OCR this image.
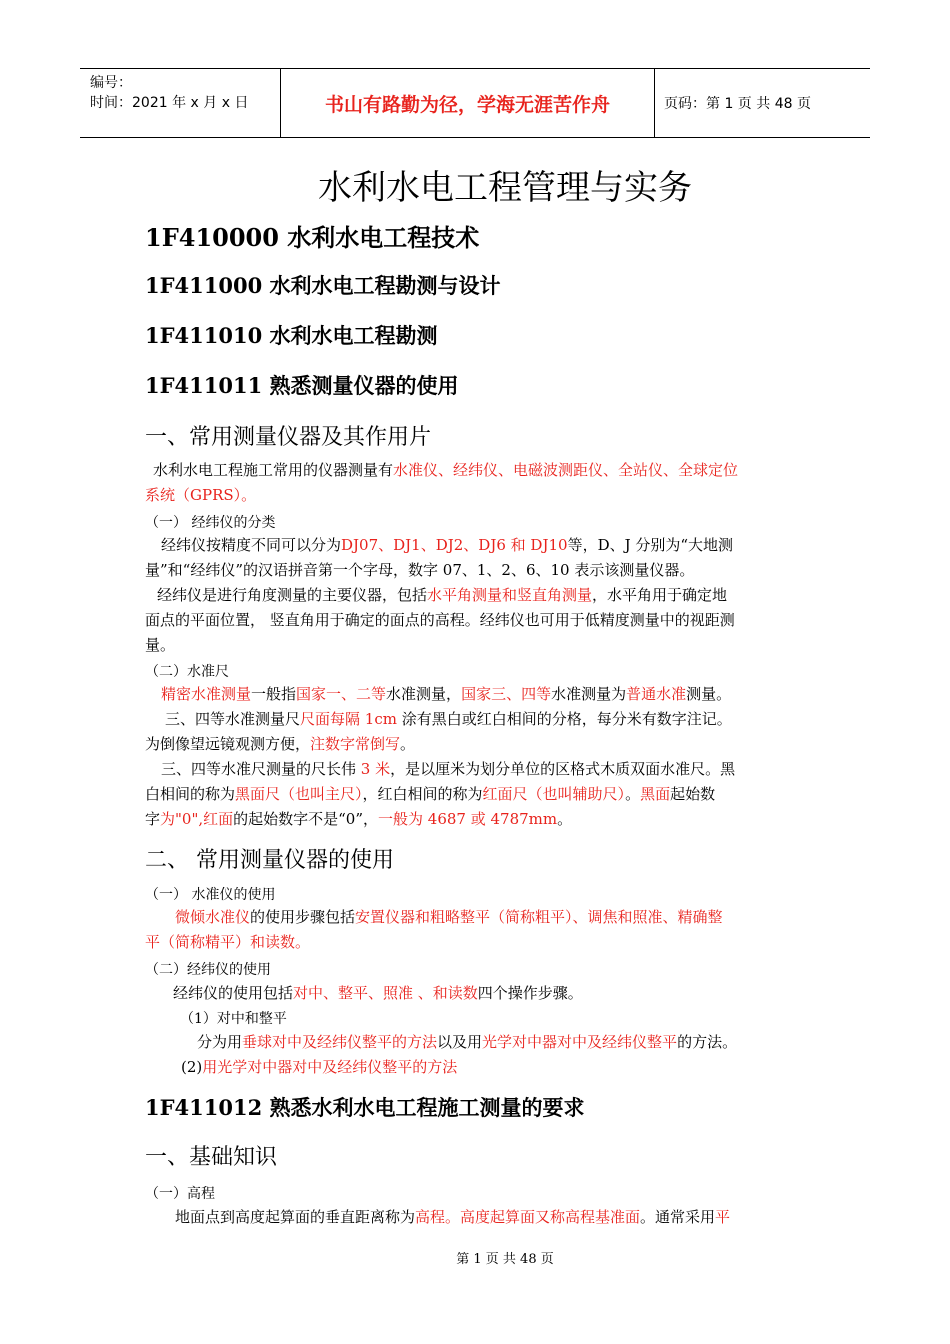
编号：
时间：2021 年 x 月 x 日	书山有路勤为径，学海无涯苦作舟	页码：第 1 页 共 48 页
水利水电工程管理与实务
1F410000 水利水电工程技术
1F411000 水利水电工程勘测与设计
1F411010 水利水电工程勘测
1F411011 熟悉测量仪器的使用
一、常用测量仪器及其作用片
水利水电工程施工常用的仪器测量有水准仪、经纬仪、电磁波测距仪、全站仪、全球定位
系统（GPRS）。
（一） 经纬仪的分类
经纬仪按精度不同可以分为DJ07、DJ1、DJ2、DJ6 和 DJ10等，D、J 分别为“大地测
量”和“经纬仪”的汉语拼音第一个字母，数字 07、1、2、6、10 表示该测量仪器。
经纬仪是进行角度测量的主要仪器，包括水平角测量和竖直角测量，水平角用于确定地
面点的平面位置， 竖直角用于确定的面点的高程。经纬仪也可用于低精度测量中的视距测
量。
（二）水准尺
精密水准测量一般指国家一、二等水准测量，国家三、四等水准测量为普通水准测量。
三、四等水准测量尺尺面每隔 1cm 涂有黑白或红白相间的分格，每分米有数字注记。
为倒像望远镜观测方便，注数字常倒写。
三、四等水准尺测量的尺长伟 3 米，是以厘米为划分单位的区格式木质双面水准尺。黑
白相间的称为黑面尺（也叫主尺），红白相间的称为红面尺（也叫辅助尺）。黑面起始数
字为"0",红面的起始数字不是“0”，一般为 4687 或 4787mm。
二、 常用测量仪器的使用
（一） 水准仪的使用
微倾水准仪的使用步骤包括安置仪器和粗略整平（简称粗平）、调焦和照准、精确整
平（简称精平）和读数。
（二）经纬仪的使用
经纬仪的使用包括对中、整平、照准 、和读数四个操作步骤。
（1）对中和整平
分为用垂球对中及经纬仪整平的方法以及用光学对中器对中及经纬仪整平的方法。
(2)用光学对中器对中及经纬仪整平的方法
1F411012 熟悉水利水电工程施工测量的要求
一、基础知识
（一）高程
地面点到高度起算面的垂直距离称为高程。高度起算面又称高程基准面。通常采用平
第 1 页 共 48 页
